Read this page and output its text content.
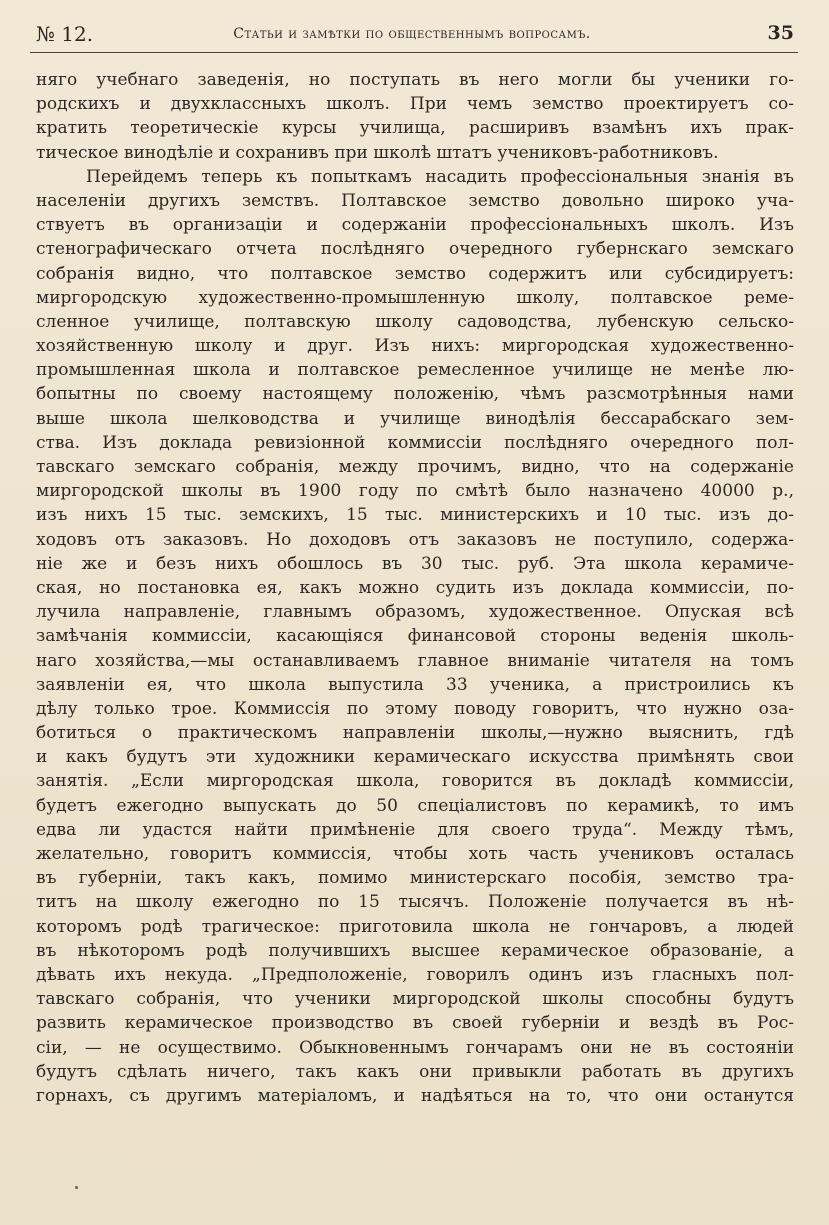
№ 12.	Статьи и замѣтки по общественнымъ вопросамъ.	35
няго учебнаго заведенія, но поступать въ него могли бы ученики го-
родскихъ и двухклассныхъ школъ. При чемъ земство проектируетъ со-
кратить теоретическіе курсы училища, расширивъ взамѣнъ ихъ прак-
тическое винодѣліе и сохранивъ при школѣ штатъ учениковъ-работниковъ.
Перейдемъ теперь къ попыткамъ насадить профессіональныя знанія въ
населеніи другихъ земствъ. Полтавское земство довольно широко уча-
ствуетъ въ организаціи и содержаніи профессіональныхъ школъ. Изъ
стенографическаго отчета послѣдняго очередного губернскаго земскаго
собранія видно, что полтавское земство содержитъ или субсидируетъ:
миргородскую художественно-промышленную школу, полтавское реме-
сленное училище, полтавскую школу садоводства, лубенскую сельско-
хозяйственную школу и друг. Изъ нихъ: миргородская художественно-
промышленная школа и полтавское ремесленное училище не менѣе лю-
бопытны по своему настоящему положенію, чѣмъ разсмотрѣнныя нами
выше школа шелководства и училище винодѣлія бессарабскаго зем-
ства. Изъ доклада ревизіонной коммиссіи послѣдняго очередного пол-
тавскаго земскаго собранія, между прочимъ, видно, что на содержаніе
миргородской школы въ 1900 году по смѣтѣ было назначено 40000 р.,
изъ нихъ 15 тыс. земскихъ, 15 тыс. министерскихъ и 10 тыс. изъ до-
ходовъ отъ заказовъ. Но доходовъ отъ заказовъ не поступило, содержа-
ніе же и безъ нихъ обошлось въ 30 тыс. руб. Эта школа керамиче-
ская, но постановка ея, какъ можно судить изъ доклада коммиссіи, по-
лучила направленіе, главнымъ образомъ, художественное. Опуская всѣ
замѣчанія коммиссіи, касающіяся финансовой стороны веденія школь-
наго хозяйства,—мы останавливаемъ главное вниманіе читателя на томъ
заявленіи ея, что школа выпустила 33 ученика, а пристроились къ
дѣлу только трое. Коммиссія по этому поводу говоритъ, что нужно оза-
ботиться о практическомъ направленіи школы,—нужно выяснить, гдѣ
и какъ будутъ эти художники керамическаго искусства примѣнять свои
занятія. „Если миргородская школа, говорится въ докладѣ коммиссіи,
будетъ ежегодно выпускать до 50 спеціалистовъ по керамикѣ, то имъ
едва ли удастся найти примѣненіе для своего труда“. Между тѣмъ,
желательно, говоритъ коммиссія, чтобы хоть часть учениковъ осталась
въ губерніи, такъ какъ, помимо министерскаго пособія, земство тра-
титъ на школу ежегодно по 15 тысячъ. Положеніе получается въ нѣ-
которомъ родѣ трагическое: приготовила школа не гончаровъ, а людей
въ нѣкоторомъ родѣ получившихъ высшее керамическое образованіе, а
дѣвать ихъ некуда. „Предположеніе, говорилъ одинъ изъ гласныхъ пол-
тавскаго собранія, что ученики миргородской школы способны будутъ
развить керамическое производство въ своей губерніи и вездѣ въ Рос-
сіи, — не осуществимо. Обыкновеннымъ гончарамъ они не въ состояніи
будутъ сдѣлать ничего, такъ какъ они привыкли работать въ другихъ
горнахъ, съ другимъ матеріаломъ, и надѣяться на то, что они останутся
